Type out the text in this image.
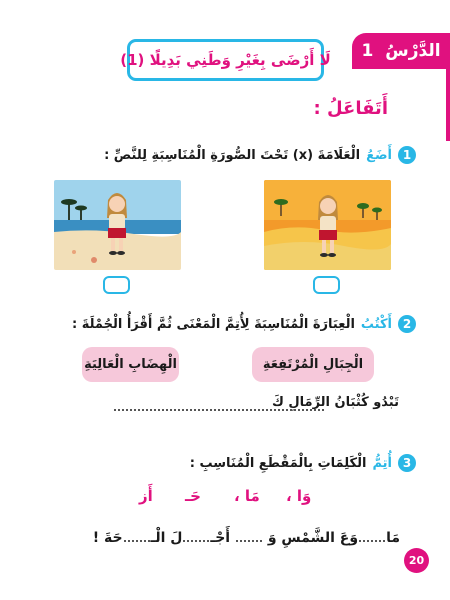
الدَّرْسُ
1
لَا أَرْضَى بِغَيْرِ وَطَنِي بَدِيلًا (1)
أَتَفَاعَلُ :
1
أَضَعُ
الْعَلَامَةَ (x) تَحْتَ الصُّورَةِ الْمُنَاسِبَةِ لِلنَّصِّ :
2
أَكْتُبُ
الْعِبَارَةَ الْمُنَاسِبَةَ لِأُتِمَّ الْمَعْنَى ثُمَّ أَقْرَأُ الْجُمْلَةَ :
الْجِبَالِ الْمُرْتَفِعَةِ
الْهِضَابِ الْعَالِيَةِ
تَبْدُو كُثْبَانُ الرِّمَالِ كَ
3
أُتِمُّ
الْكَلِمَاتِ بِالْمَقْطَعِ الْمُنَاسِبِ :
أَز حَـ مَا ، وَا ،
مَاوَعَ الشَّمْسِ وَ  أَجْـلَ الْـحَةَ !
20
